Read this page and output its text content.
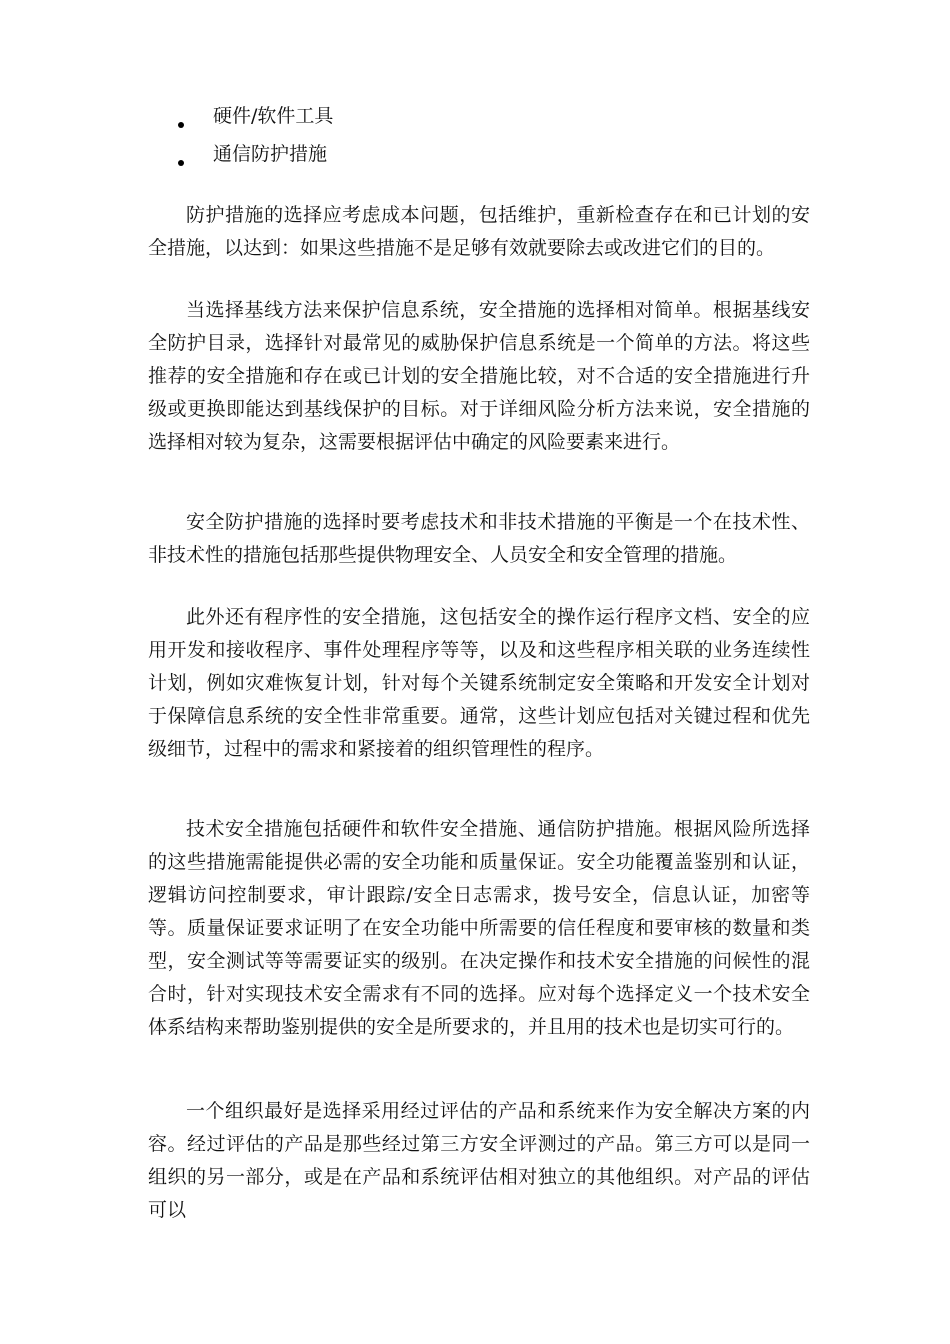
硬件/软件工具
通信防护措施

防护措施的选择应考虑成本问题，包括维护，重新检查存在和已计划的安全措施，以达到：如果这些措施不是足够有效就要除去或改进它们的目的。

当选择基线方法来保护信息系统，安全措施的选择相对简单。根据基线安全防护目录，选择针对最常见的威胁保护信息系统是一个简单的方法。将这些推荐的安全措施和存在或已计划的安全措施比较，对不合适的安全措施进行升级或更换即能达到基线保护的目标。对于详细风险分析方法来说，安全措施的选择相对较为复杂，这需要根据评估中确定的风险要素来进行。

安全防护措施的选择时要考虑技术和非技术措施的平衡是一个在技术性、非技术性的措施包括那些提供物理安全、人员安全和安全管理的措施。

此外还有程序性的安全措施，这包括安全的操作运行程序文档、安全的应用开发和接收程序、事件处理程序等等，以及和这些程序相关联的业务连续性计划，例如灾难恢复计划，针对每个关键系统制定安全策略和开发安全计划对于保障信息系统的安全性非常重要。通常，这些计划应包括对关键过程和优先级细节，过程中的需求和紧接着的组织管理性的程序。

技术安全措施包括硬件和软件安全措施、通信防护措施。根据风险所选择的这些措施需能提供必需的安全功能和质量保证。安全功能覆盖鉴别和认证，逻辑访问控制要求，审计跟踪/安全日志需求，拨号安全，信息认证，加密等等。质量保证要求证明了在安全功能中所需要的信任程度和要审核的数量和类型，安全测试等等需要证实的级别。在决定操作和技术安全措施的问候性的混合时，针对实现技术安全需求有不同的选择。应对每个选择定义一个技术安全体系结构来帮助鉴别提供的安全是所要求的，并且用的技术也是切实可行的。

一个组织最好是选择采用经过评估的产品和系统来作为安全解决方案的内容。经过评估的产品是那些经过第三方安全评测过的产品。第三方可以是同一组织的另一部分，或是在产品和系统评估相对独立的其他组织。对产品的评估可以
